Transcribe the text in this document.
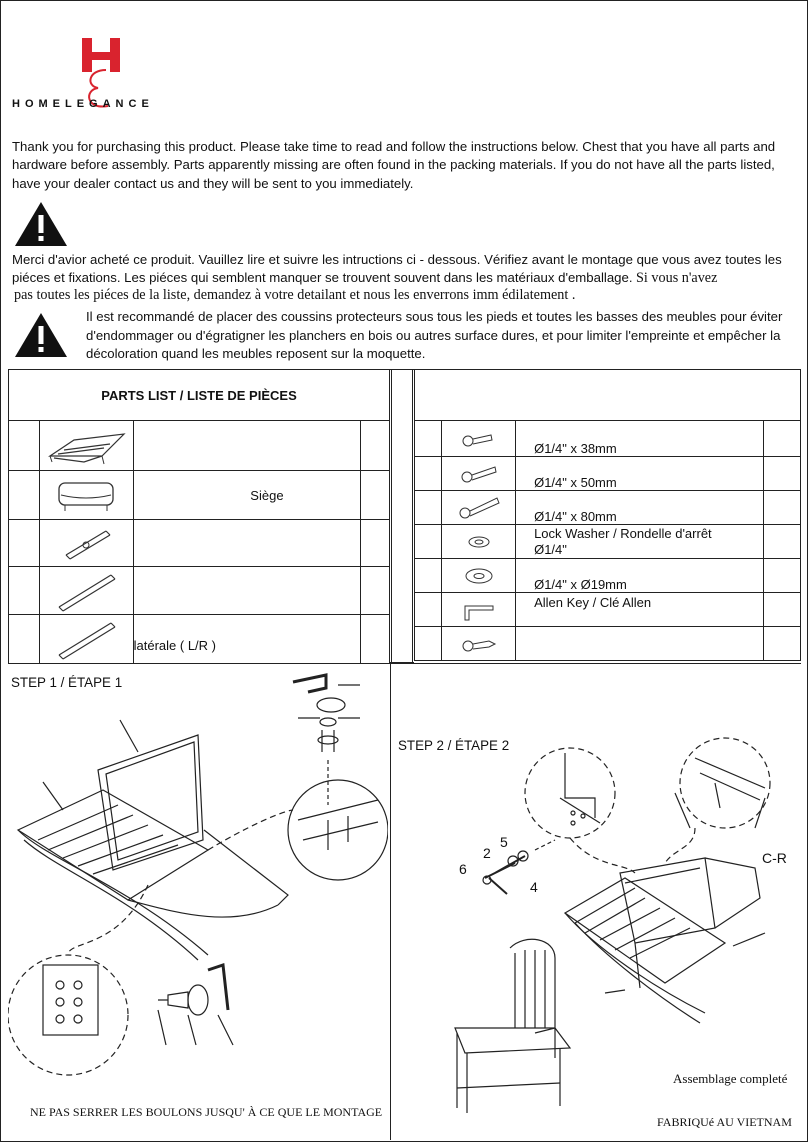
HOMELEGANCE
Thank you for purchasing this product. Please take time to read and follow the instructions below. Chest that you have all parts and hardware before assembly. Parts apparently missing are often found in the packing materials. If you do not have all the parts listed, have your dealer contact us and they will be sent to you immediately.
Merci d'avior acheté ce produit. Vauillez lire et suivre les intructions ci - dessous. Vérifiez avant le montage que vous avez toutes les piéces et fixations. Les piéces qui semblent manquer se trouvent souvent dans les matériaux d'emballage. Si vous n'avez
pas toutes les piéces de la liste, demandez à votre detailant et nous les enverrons imm édilatement .
Il est recommandé de placer des coussins protecteurs sous tous les pieds et toutes les basses des meubles pour éviter d'endommager ou d'égratigner les planchers en bois ou autres surface dures, et pour limiter l'empreinte et empêcher la décoloration quand les meubles reposent sur la moquette.
PARTS LIST / LISTE DE PIÈCES			

	Siège	

	latérale ( L/R )	

	Ø1/4" x 38mm	

	Ø1/4" x 50mm	

	Ø1/4" x 80mm	

	Lock Washer / Rondelle d'arrêt
Ø1/4"	

	Ø1/4" x Ø19mm	

	Allen Key / Clé Allen	

STEP 1 / ÉTAPE 1
NE PAS SERRER LES BOULONS JUSQU' À CE QUE LE MONTAGE
STEP 2 / ÉTAPE 2
2
5
6
4
C-R
Assemblage completé
FABRIQUé AU VIETNAM
